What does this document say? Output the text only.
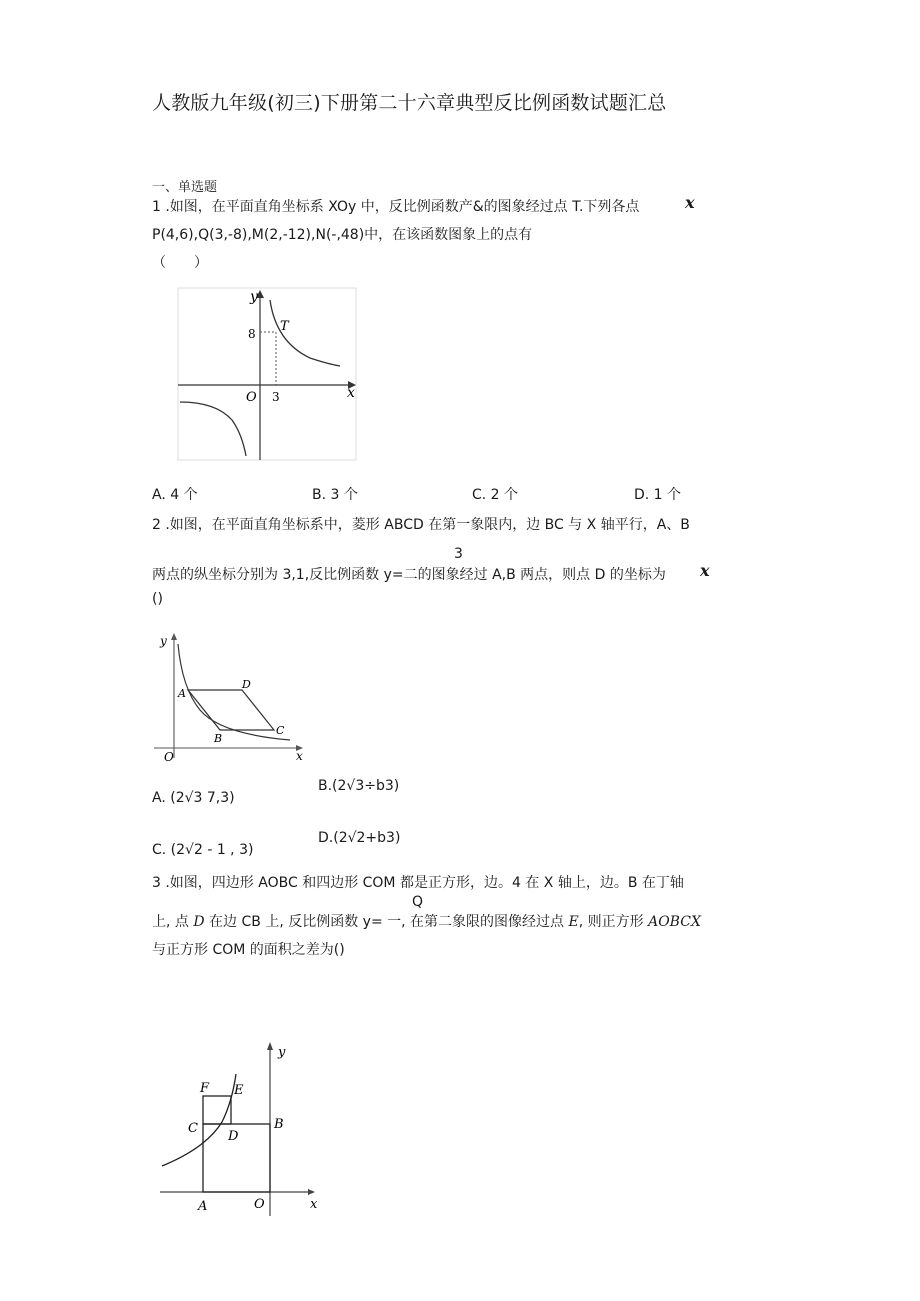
人教版九年级(初三)下册第二十六章典型反比例函数试题汇总
一、单选题
1 .如图，在平面直角坐标系 XOy 中，反比例函数产&的图象经过点 T.下列各点	x
P(4,6),Q(3,-8),M(2,-12),N(-,48)中，在该函数图象上的点有
（　　）
y
x
O
T
8
3
A. 4 个	B. 3 个	C. 2 个	D. 1 个
2 .如图，在平面直角坐标系中，菱形 ABCD 在第一象限内，边 BC 与 X 轴平行，A、B
3
两点的纵坐标分别为 3,1,反比例函数 y=二的图象经过 A,B 两点，则点 D 的坐标为 x
()
y
x
O
A
D
C
B
B.(2√3÷b3)
A. (2√3 7,3)
D.(2√2+b3)
C. (2√2 - 1 , 3)
3 .如图，四边形 AOBC 和四边形 COM 都是正方形，边。4 在 X 轴上，边。B 在丁轴
Q
上, 点 D 在边 CB 上, 反比例函数 y= 一, 在第二象限的图像经过点 E, 则正方形 AOBCX
与正方形 COM 的面积之差为()
y
x
O
A
B
C
D
E
F
